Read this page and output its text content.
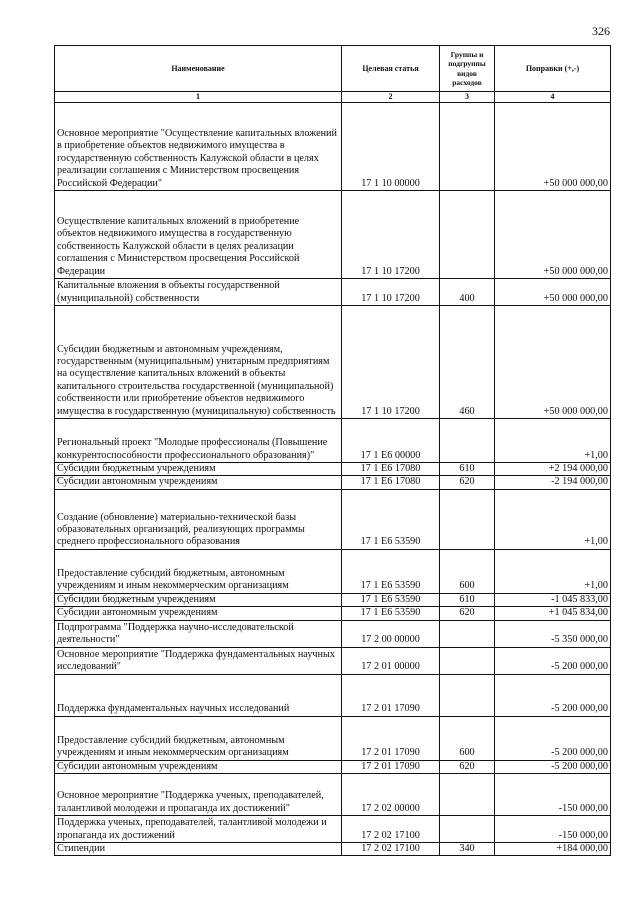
326
Наименование	Целевая статья	Группы и подгруппы видов расходов	Поправки (+,-)
1	2	3	4
Основное мероприятие "Осуществление капитальных вложений в приобретение объектов недвижимого имущества в государственную собственность Калужской области в целях реализации соглашения с Министерством просвещения Российской Федерации"	17 1 10 00000		+50 000 000,00
Осуществление капитальных вложений в приобретение объектов недвижимого имущества в государственную собственность Калужской области в целях реализации соглашения с Министерством просвещения Российской Федерации	17 1 10 17200		+50 000 000,00
Капитальные вложения в объекты государственной (муниципальной) собственности	17 1 10 17200	400	+50 000 000,00
Субсидии бюджетным и автономным учреждениям, государственным (муниципальным) унитарным предприятиям на осуществление капитальных вложений в объекты капитального строительства государственной (муниципальной) собственности или приобретение объектов недвижимого имущества в государственную (муниципальную) собственность	17 1 10 17200	460	+50 000 000,00
Региональный проект "Молодые профессионалы (Повышение конкурентоспособности профессионального образования)"	17 1 E6 00000		+1,00
Субсидии бюджетным учреждениям	17 1 E6 17080	610	+2 194 000,00
Субсидии автономным учреждениям	17 1 E6 17080	620	-2 194 000,00
Создание (обновление) материально-технической базы образовательных организаций, реализующих программы среднего профессионального образования	17 1 E6 53590		+1,00
Предоставление субсидий бюджетным, автономным учреждениям и иным некоммерческим организациям	17 1 E6 53590	600	+1,00
Субсидии бюджетным учреждениям	17 1 E6 53590	610	-1 045 833,00
Субсидии автономным учреждениям	17 1 E6 53590	620	+1 045 834,00
Подпрограмма "Поддержка научно-исследовательской деятельности"	17 2 00 00000		-5 350 000,00
Основное мероприятие "Поддержка фундаментальных научных исследований"	17 2 01 00000		-5 200 000,00
Поддержка фундаментальных научных исследований	17 2 01 17090		-5 200 000,00
Предоставление субсидий бюджетным, автономным учреждениям и иным некоммерческим организациям	17 2 01 17090	600	-5 200 000,00
Субсидии автономным учреждениям	17 2 01 17090	620	-5 200 000,00
Основное мероприятие "Поддержка ученых, преподавателей, талантливой молодежи и пропаганда их достижений"	17 2 02 00000		-150 000,00
Поддержка ученых, преподавателей, талантливой молодежи и пропаганда их достижений	17 2 02 17100		-150 000,00
Стипендии	17 2 02 17100	340	+184 000,00
